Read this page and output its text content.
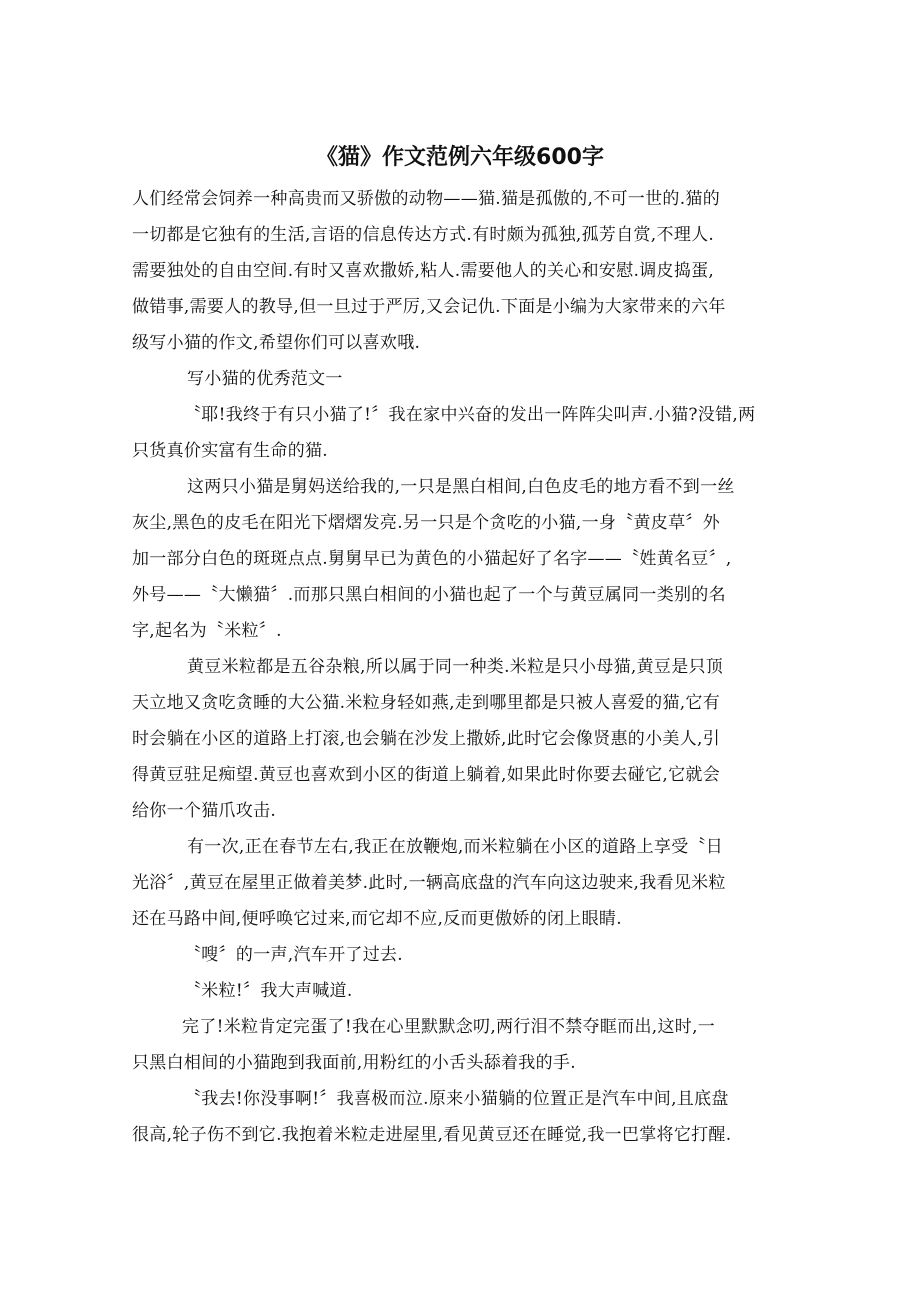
《猫》作文范例六年级600字
人们经常会饲养一种高贵而又骄傲的动物——猫.猫是孤傲的,不可一世的.猫的
一切都是它独有的生活,言语的信息传达方式.有时颇为孤独,孤芳自赏,不理人.
需要独处的自由空间.有时又喜欢撒娇,粘人.需要他人的关心和安慰.调皮捣蛋,
做错事,需要人的教导,但一旦过于严厉,又会记仇.下面是小编为大家带来的六年
级写小猫的作文,希望你们可以喜欢哦.
写小猫的优秀范文一
〝耶!我终于有只小猫了!〞我在家中兴奋的发出一阵阵尖叫声.小猫?没错,两
只货真价实富有生命的猫.
这两只小猫是舅妈送给我的,一只是黑白相间,白色皮毛的地方看不到一丝
灰尘,黑色的皮毛在阳光下熠熠发亮.另一只是个贪吃的小猫,一身〝黄皮草〞外
加一部分白色的斑斑点点.舅舅早已为黄色的小猫起好了名字——〝姓黄名豆〞,
外号——〝大懒猫〞.而那只黑白相间的小猫也起了一个与黄豆属同一类别的名
字,起名为〝米粒〞.
黄豆米粒都是五谷杂粮,所以属于同一种类.米粒是只小母猫,黄豆是只顶
天立地又贪吃贪睡的大公猫.米粒身轻如燕,走到哪里都是只被人喜爱的猫,它有
时会躺在小区的道路上打滚,也会躺在沙发上撒娇,此时它会像贤惠的小美人,引
得黄豆驻足痴望.黄豆也喜欢到小区的街道上躺着,如果此时你要去碰它,它就会
给你一个猫爪攻击.
有一次,正在春节左右,我正在放鞭炮,而米粒躺在小区的道路上享受〝日
光浴〞,黄豆在屋里正做着美梦.此时,一辆高底盘的汽车向这边驶来,我看见米粒
还在马路中间,便呼唤它过来,而它却不应,反而更傲娇的闭上眼睛.
〝嗖〞的一声,汽车开了过去.
〝米粒!〞我大声喊道.
完了!米粒肯定完蛋了!我在心里默默念叨,两行泪不禁夺眶而出,这时,一
只黑白相间的小猫跑到我面前,用粉红的小舌头舔着我的手.
〝我去!你没事啊!〞我喜极而泣.原来小猫躺的位置正是汽车中间,且底盘
很高,轮子伤不到它.我抱着米粒走进屋里,看见黄豆还在睡觉,我一巴掌将它打醒.
